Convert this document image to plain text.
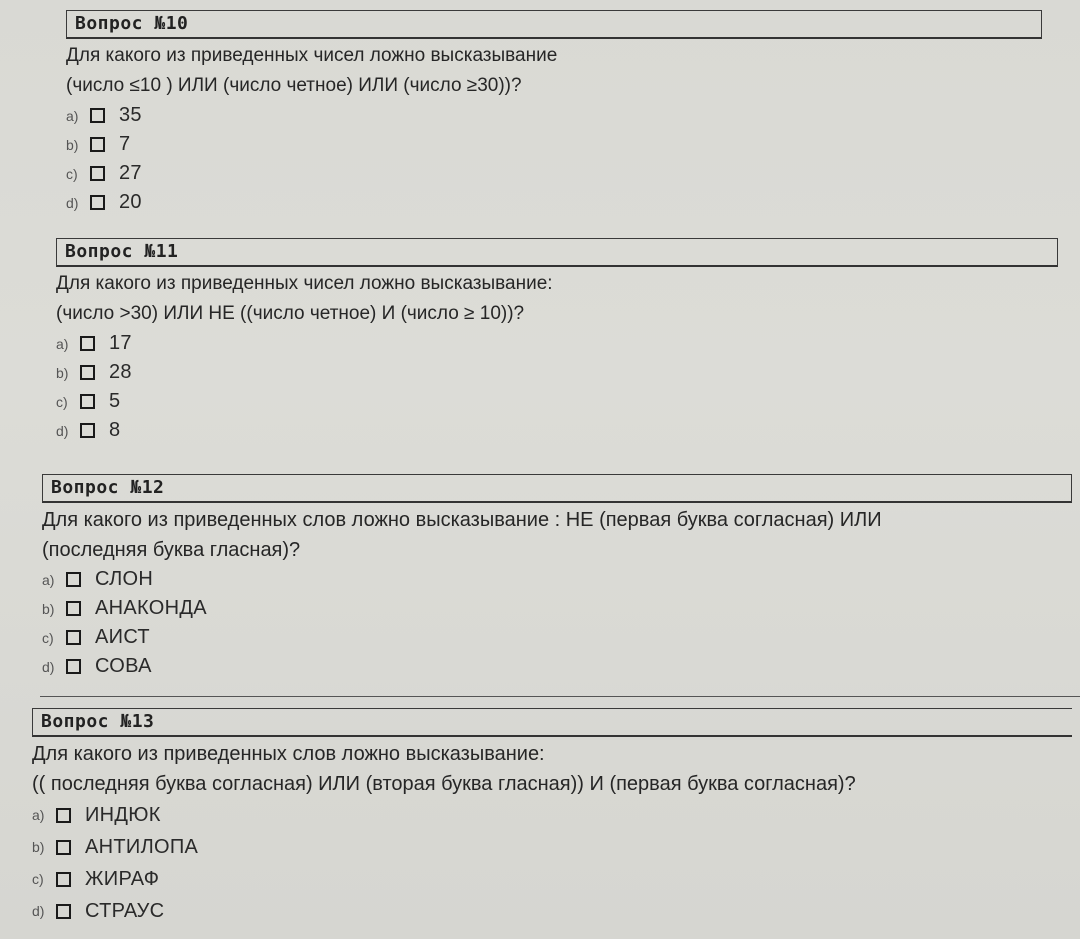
Вопрос №10
Для какого из приведенных чисел ложно высказывание
(число ≤10 ) ИЛИ (число четное) ИЛИ (число ≥30))?
a)	35
b)	7
c)	27
d)	20
Вопрос №11
Для какого из приведенных чисел ложно высказывание:
(число >30) ИЛИ НЕ ((число четное) И (число ≥ 10))?
a)	17
b)	28
c)	5
d)	8
Вопрос №12
Для какого из приведенных слов ложно высказывание : НЕ (первая буква согласная) ИЛИ
(последняя буква гласная)?
a)	СЛОН
b)	АНАКОНДА
c)	АИСТ
d)	СОВА
Вопрос №13
Для какого из приведенных слов ложно высказывание:
(( последняя буква согласная) ИЛИ (вторая буква гласная)) И (первая буква согласная)?
a)	ИНДЮК
b)	АНТИЛОПА
c)	ЖИРАФ
d)	СТРАУС
